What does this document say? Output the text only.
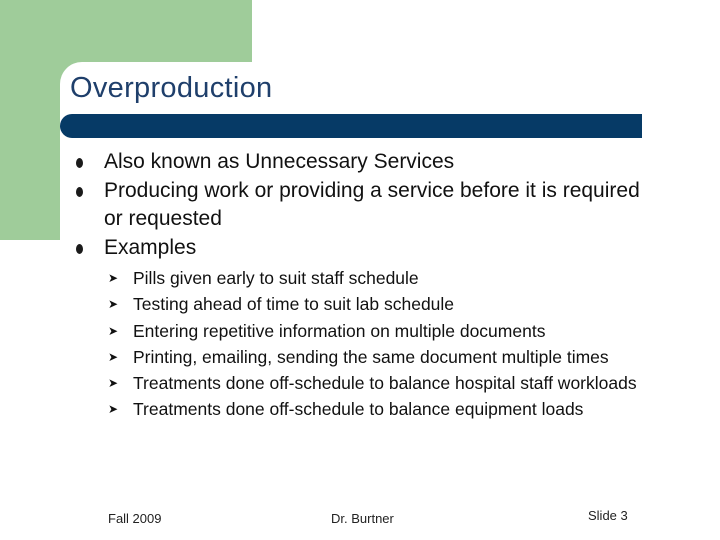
Overproduction
Also known as Unnecessary Services
Producing work or providing a service before it is required or requested
Examples
➤ Pills given early to suit staff schedule
➤ Testing ahead of time to suit lab schedule
➤ Entering repetitive information on multiple documents
➤ Printing, emailing, sending the same document multiple times
➤ Treatments done off-schedule to balance hospital staff workloads
➤ Treatments done off-schedule to balance equipment loads
Fall 2009	Dr. Burtner	Slide 3
